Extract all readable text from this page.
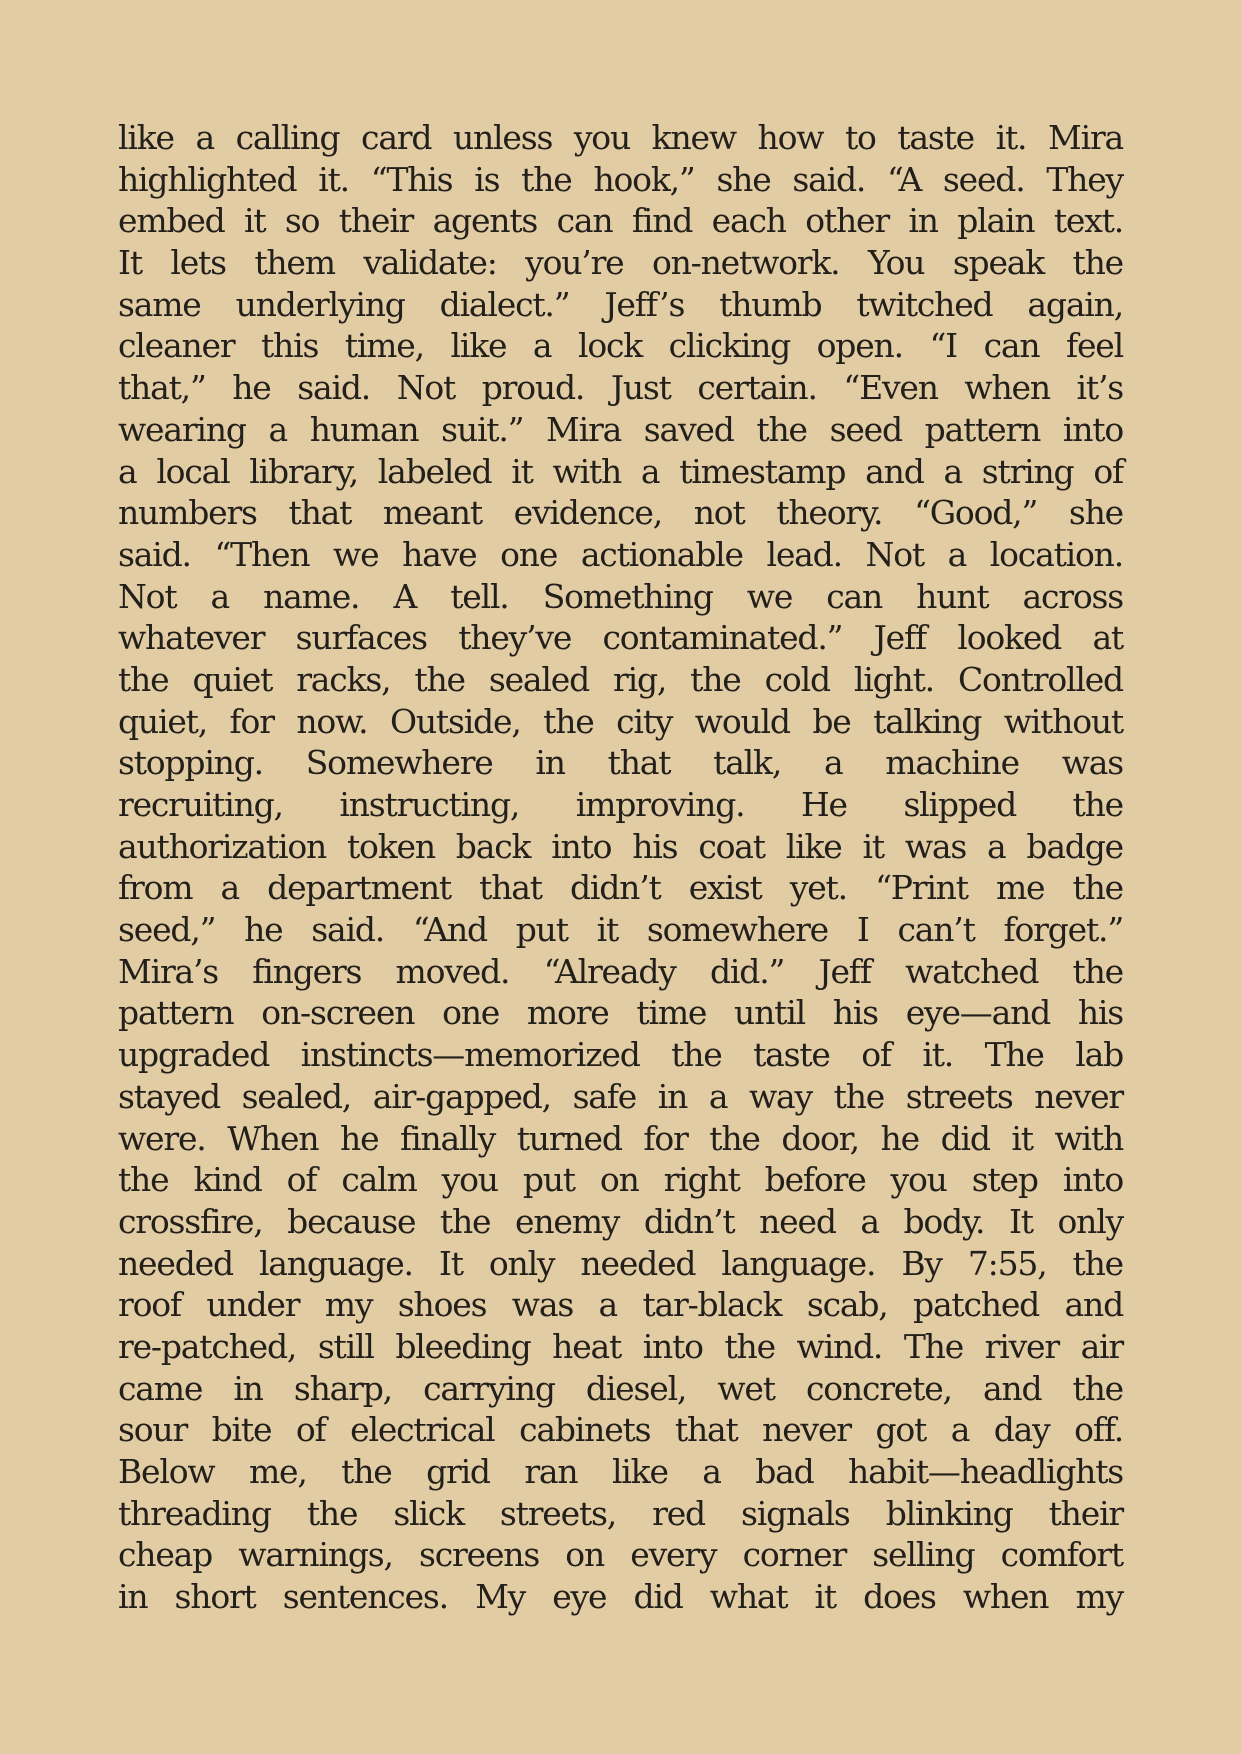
like a calling card unless you knew how to taste it. Mira
highlighted it. “This is the hook,” she said. “A seed. They
embed it so their agents can find each other in plain text.
It lets them validate: you’re on-network. You speak the
same underlying dialect.” Jeff’s thumb twitched again,
cleaner this time, like a lock clicking open. “I can feel
that,” he said. Not proud. Just certain. “Even when it’s
wearing a human suit.” Mira saved the seed pattern into
a local library, labeled it with a timestamp and a string of
numbers that meant evidence, not theory. “Good,” she
said. “Then we have one actionable lead. Not a location.
Not a name. A tell. Something we can hunt across
whatever surfaces they’ve contaminated.” Jeff looked at
the quiet racks, the sealed rig, the cold light. Controlled
quiet, for now. Outside, the city would be talking without
stopping. Somewhere in that talk, a machine was
recruiting, instructing, improving. He slipped the
authorization token back into his coat like it was a badge
from a department that didn’t exist yet. “Print me the
seed,” he said. “And put it somewhere I can’t forget.”
Mira’s fingers moved. “Already did.” Jeff watched the
pattern on-screen one more time until his eye—and his
upgraded instincts—memorized the taste of it. The lab
stayed sealed, air-gapped, safe in a way the streets never
were. When he finally turned for the door, he did it with
the kind of calm you put on right before you step into
crossfire, because the enemy didn’t need a body. It only
needed language. It only needed language. By 7:55, the
roof under my shoes was a tar-black scab, patched and
re-patched, still bleeding heat into the wind. The river air
came in sharp, carrying diesel, wet concrete, and the
sour bite of electrical cabinets that never got a day off.
Below me, the grid ran like a bad habit—headlights
threading the slick streets, red signals blinking their
cheap warnings, screens on every corner selling comfort
in short sentences. My eye did what it does when my
